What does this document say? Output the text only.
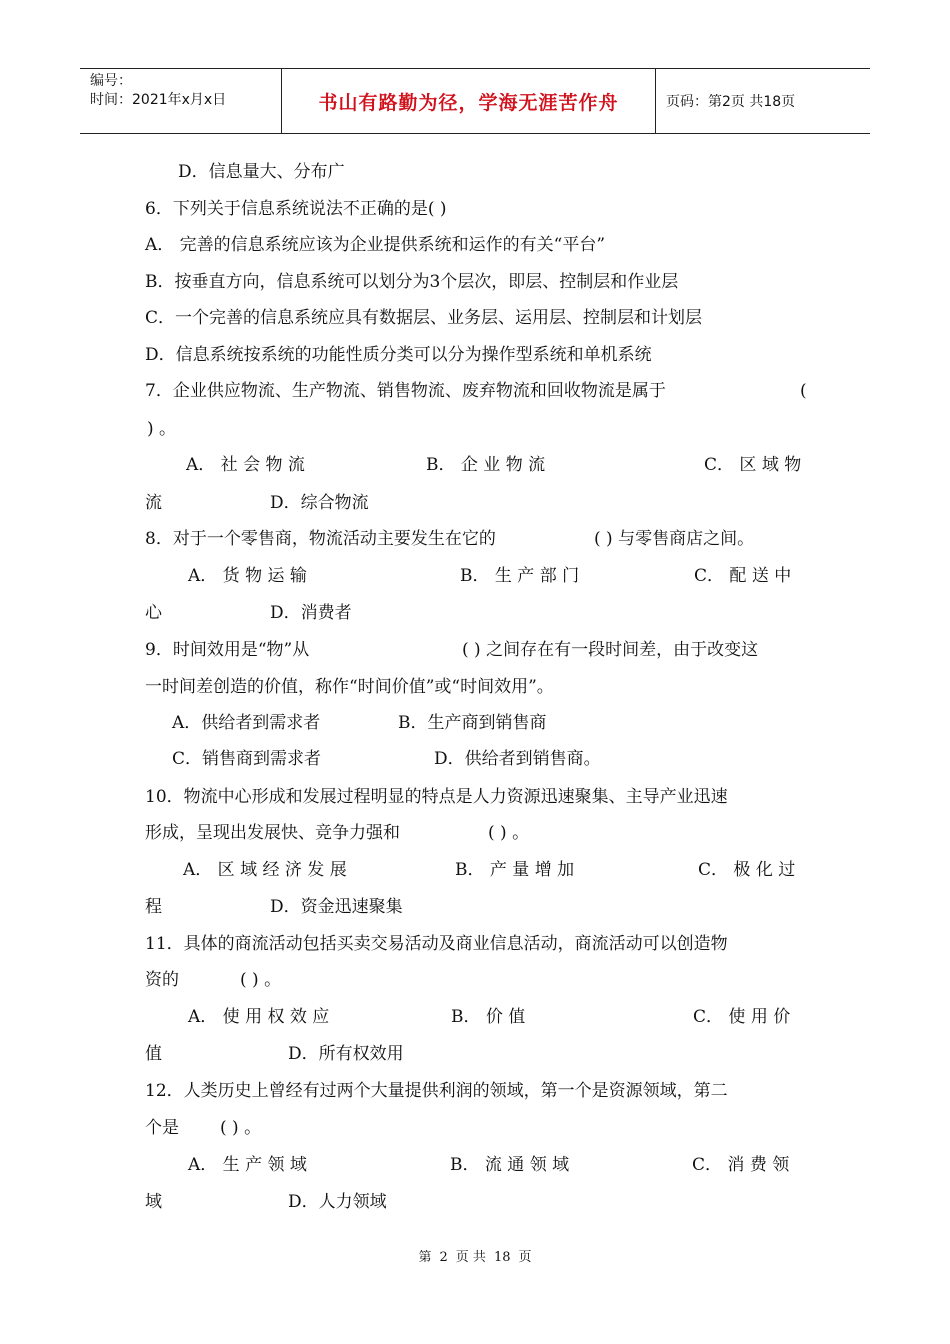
编号：
时间：2021年x月x日	书山有路勤为径，学海无涯苦作舟	页码：第2页 共18页
D．信息量大、分布广
6．下列关于信息系统说法不正确的是( )
A． 完善的信息系统应该为企业提供系统和运作的有关“平台”
B．按垂直方向，信息系统可以划分为3个层次，即层、控制层和作业层
C．一个完善的信息系统应具有数据层、业务层、运用层、控制层和计划层
D．信息系统按系统的功能性质分类可以分为操作型系统和单机系统
7．企业供应物流、生产物流、销售物流、废弃物流和回收物流是属于	(
) 。
A． 社 会 物 流	B． 企 业 物 流	C． 区 域 物
流	D．综合物流
8．对于一个零售商，物流活动主要发生在它的	( ) 与零售商店之间。
A． 货 物 运 输	B． 生 产 部 门	C． 配 送 中
心	D．消费者
9．时间效用是“物”从	( ) 之间存在有一段时间差，由于改变这
一时间差创造的价值，称作“时间价值”或“时间效用”。
A．供给者到需求者	B．生产商到销售商
C．销售商到需求者	D．供给者到销售商。
10．物流中心形成和发展过程明显的特点是人力资源迅速聚集、主导产业迅速
形成，呈现出发展快、竞争力强和	( ) 。
A． 区 域 经 济 发 展	B． 产 量 增 加	C． 极 化 过
程	D．资金迅速聚集
11．具体的商流活动包括买卖交易活动及商业信息活动，商流活动可以创造物
资的	( ) 。
A． 使 用 权 效 应	B． 价 值	C． 使 用 价
值	D．所有权效用
12．人类历史上曾经有过两个大量提供利润的领域，第一个是资源领域，第二
个是 ( ) 。
A． 生 产 领 域	B． 流 通 领 域	C． 消 费 领
域	D．人力领域
第 2 页 共 18 页
